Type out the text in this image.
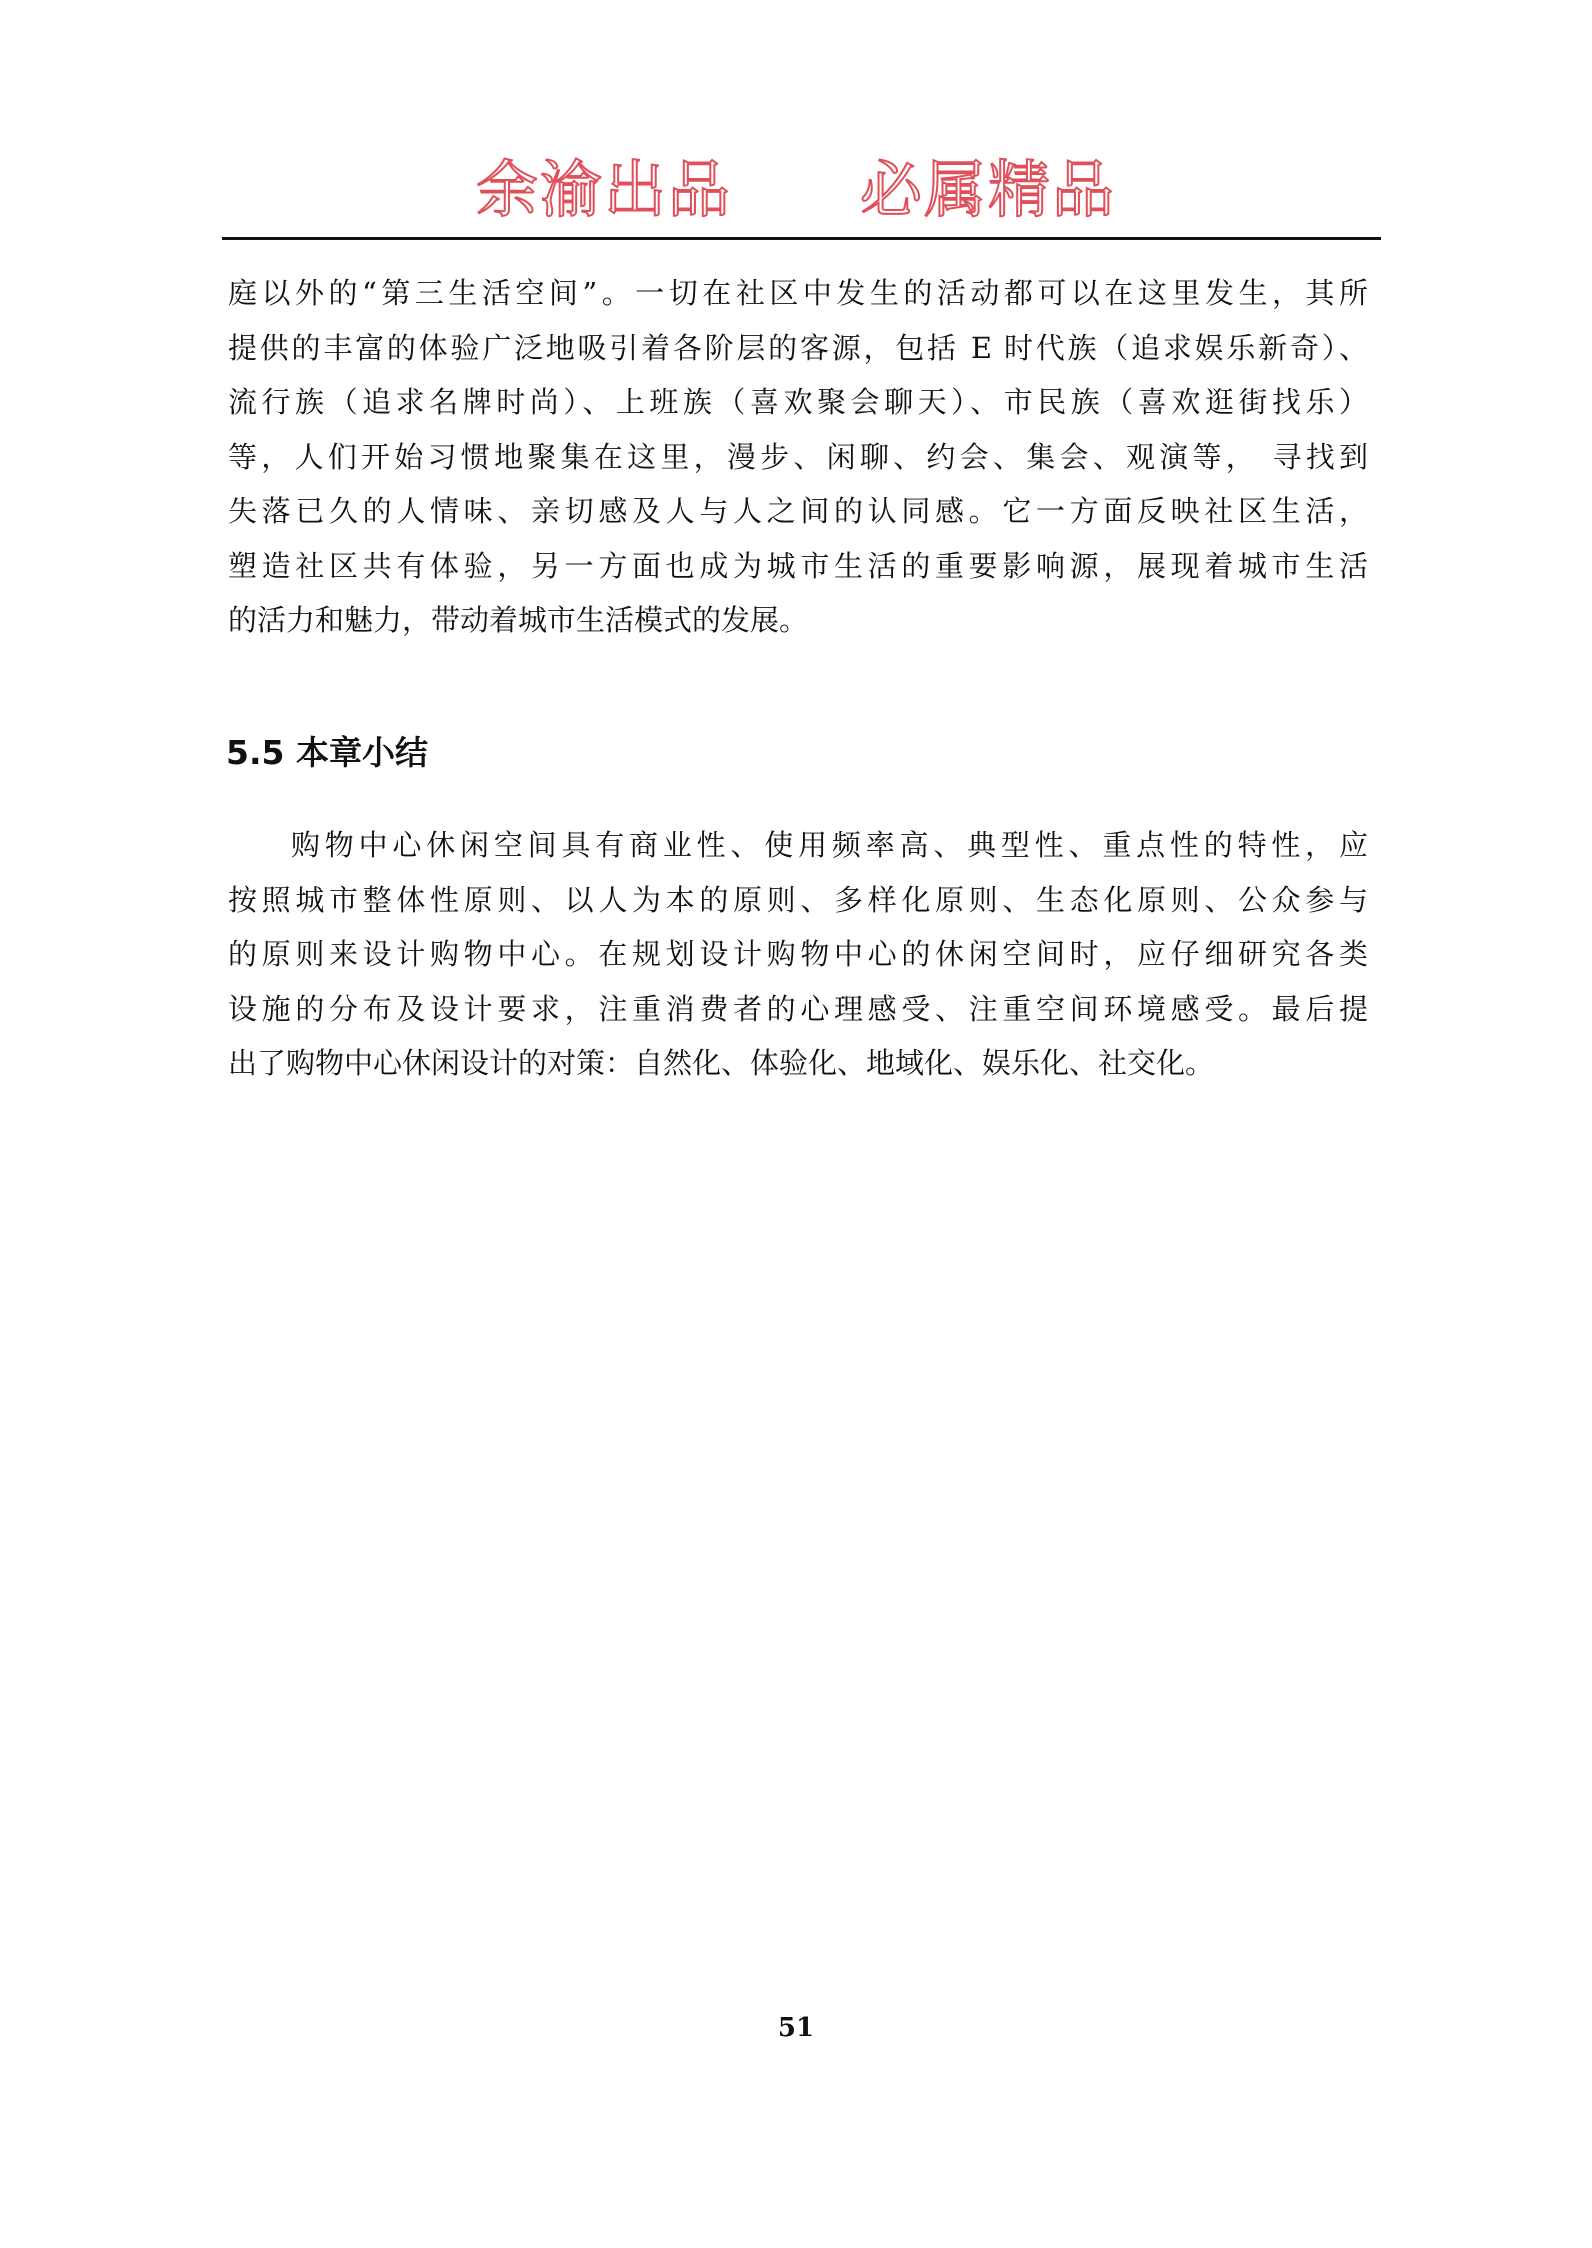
余渝出品　　必属精品
庭以外的“第三生活空间”。一切在社区中发生的活动都可以在这里发生，其所
提供的丰富的体验广泛地吸引着各阶层的客源，包括 E 时代族（追求娱乐新奇）、
流行族（追求名牌时尚）、上班族（喜欢聚会聊天）、市民族（喜欢逛街找乐）
等，人们开始习惯地聚集在这里，漫步、闲聊、约会、集会、观演等， 寻找到
失落已久的人情味、亲切感及人与人之间的认同感。它一方面反映社区生活，
塑造社区共有体验，另一方面也成为城市生活的重要影响源，展现着城市生活
的活力和魅力，带动着城市生活模式的发展。
5.5 本章小结
购物中心休闲空间具有商业性、使用频率高、典型性、重点性的特性，应
按照城市整体性原则、以人为本的原则、多样化原则、生态化原则、公众参与
的原则来设计购物中心。在规划设计购物中心的休闲空间时，应仔细研究各类
设施的分布及设计要求，注重消费者的心理感受、注重空间环境感受。最后提
出了购物中心休闲设计的对策：自然化、体验化、地域化、娱乐化、社交化。
51
